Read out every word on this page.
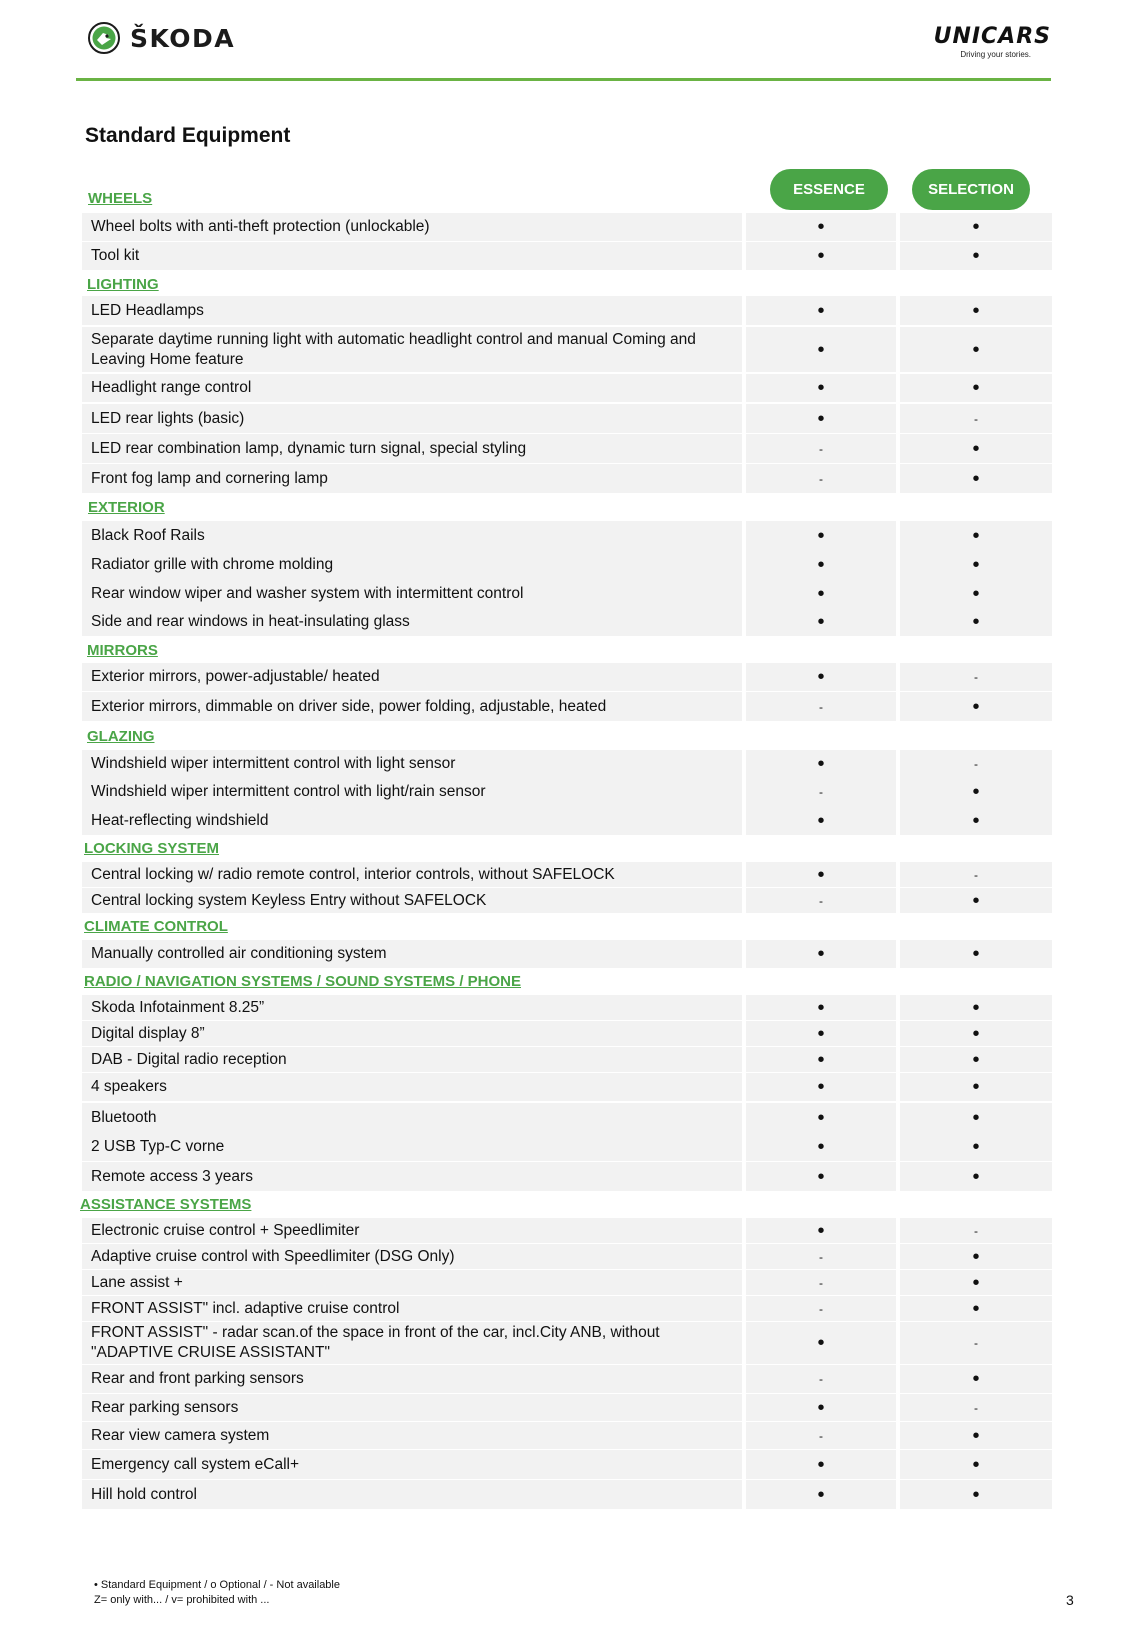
ŠKODA	UNICARS
Driving your stories.
Standard Equipment
ESSENCE	SELECTION
WHEELS
Wheel bolts with anti-theft protection (unlockable)	•	•
Tool kit	•	•
LIGHTING
LED Headlamps	•	•
Separate daytime running light with automatic headlight control and manual Coming and Leaving Home feature	•	•
Headlight range control	•	•
LED rear lights (basic)	•	-
LED rear combination lamp, dynamic turn signal, special styling	-	•
Front fog lamp and cornering lamp	-	•
EXTERIOR
Black Roof Rails	•	•
Radiator grille with chrome molding	•	•
Rear window wiper and washer system with intermittent control	•	•
Side and rear windows in heat-insulating glass	•	•
MIRRORS
Exterior mirrors, power-adjustable/ heated	•	-
Exterior mirrors, dimmable on driver side, power folding, adjustable, heated	-	•
GLAZING
Windshield wiper intermittent control with light sensor	•	-
Windshield wiper intermittent control with light/rain sensor	-	•
Heat-reflecting windshield	•	•
LOCKING SYSTEM
Central locking w/ radio remote control, interior controls, without SAFELOCK	•	-
Central locking system Keyless Entry without SAFELOCK	-	•
CLIMATE CONTROL
Manually controlled air conditioning system	•	•
RADIO / NAVIGATION SYSTEMS / SOUND SYSTEMS / PHONE
Skoda Infotainment 8.25”	•	•
Digital display 8”	•	•
DAB - Digital radio reception	•	•
4 speakers	•	•
Bluetooth	•	•
2 USB Typ-C vorne	•	•
Remote access 3 years	•	•
ASSISTANCE SYSTEMS
Electronic cruise control + Speedlimiter	•	-
Adaptive cruise control with Speedlimiter (DSG Only)	-	•
Lane assist +	-	•
FRONT ASSIST" incl. adaptive cruise control	-	•
FRONT ASSIST" - radar scan.of the space in front of the car, incl.City ANB, without "ADAPTIVE CRUISE ASSISTANT"	•	-
Rear and front parking sensors	-	•
Rear parking sensors	•	-
Rear view camera system	-	•
Emergency call system eCall+	•	•
Hill hold control	•	•
• Standard Equipment / o Optional / - Not available
Z= only with... / v= prohibited with ...	3
